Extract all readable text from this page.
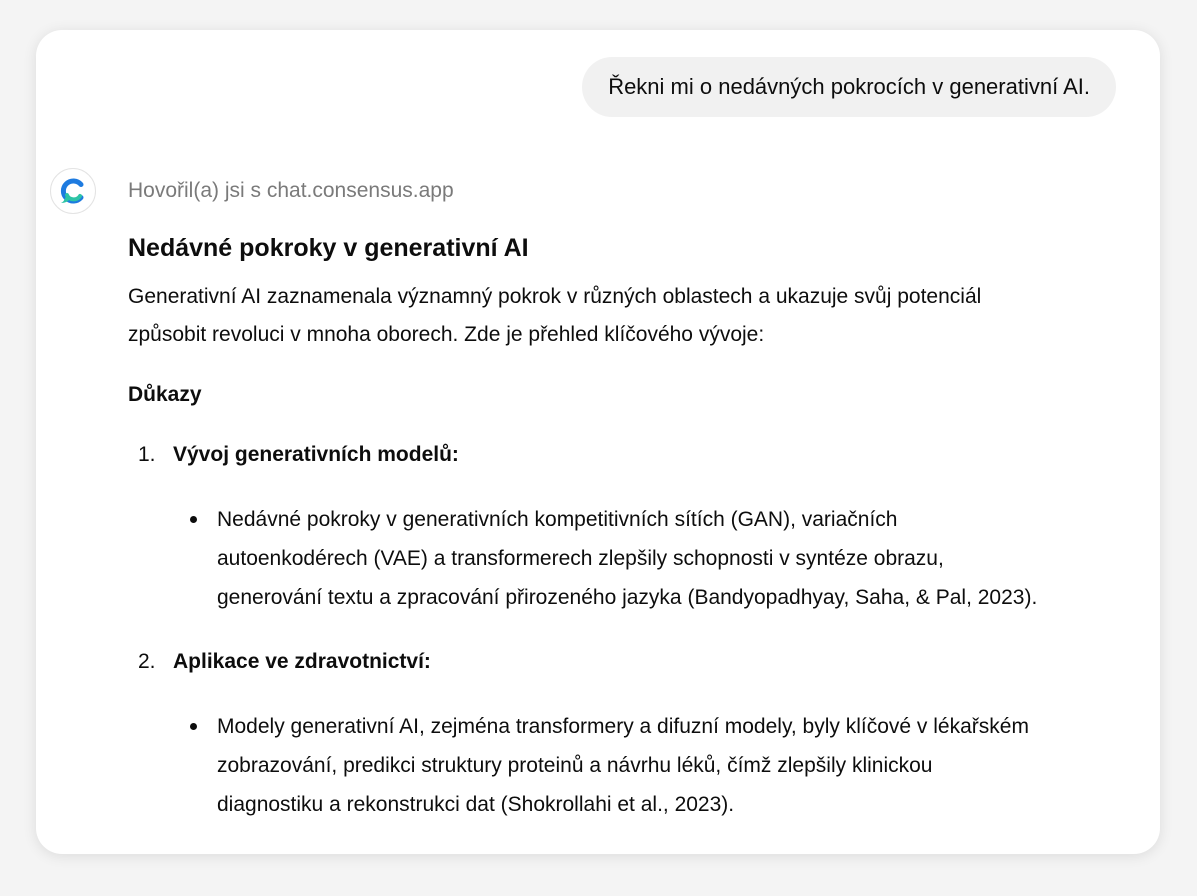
Řekni mi o nedávných pokrocích v generativní AI.

Hovořil(a) jsi s chat.consensus.app

Nedávné pokroky v generativní AI

Generativní AI zaznamenala významný pokrok v různých oblastech a ukazuje svůj potenciál
způsobit revoluci v mnoha oborech. Zde je přehled klíčového vývoje:

Důkazy
1. Vývoj generativních modelů:
Nedávné pokroky v generativních kompetitivních sítích (GAN), variačních
autoenkodérech (VAE) a transformerech zlepšily schopnosti v syntéze obrazu,
generování textu a zpracování přirozeného jazyka (Bandyopadhyay, Saha, & Pal, 2023).
2. Aplikace ve zdravotnictví:
Modely generativní AI, zejména transformery a difuzní modely, byly klíčové v lékařském
zobrazování, predikci struktury proteinů a návrhu léků, čímž zlepšily klinickou
diagnostiku a rekonstrukci dat (Shokrollahi et al., 2023).
